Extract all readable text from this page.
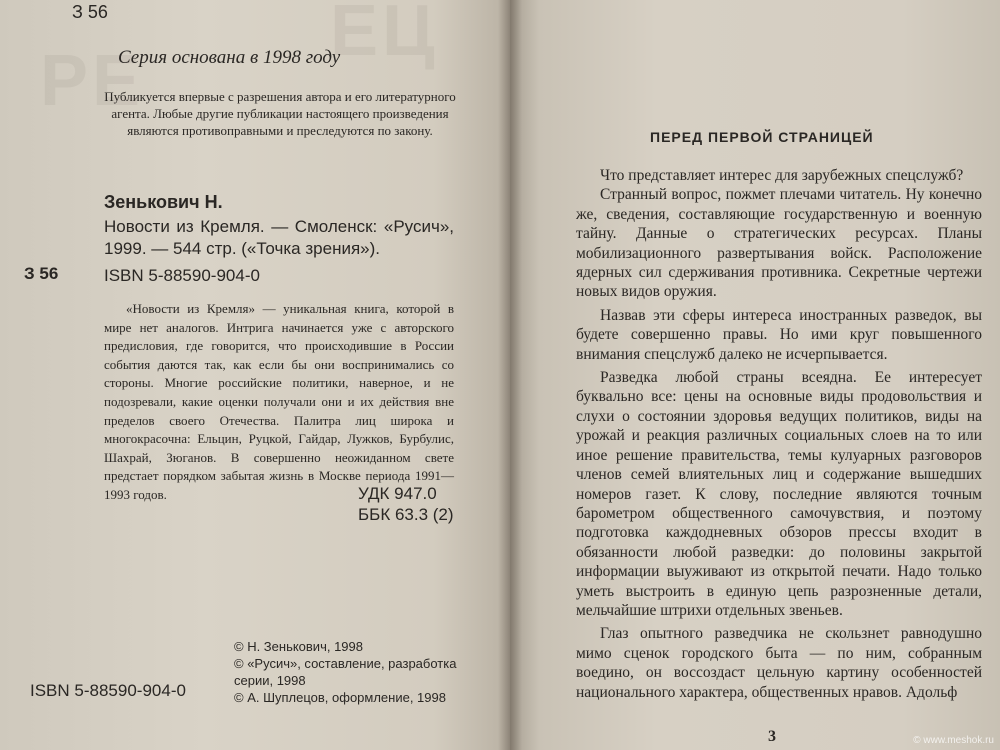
ЕЦ
РЕ
З 56
Серия основана в 1998 году
Публикуется впервые с разрешения автора и его литературного агента. Любые другие публикации настоящего произведения являются противоправными и преследуются по закону.
Зенькович Н.
Новости из Кремля. — Смоленск: «Русич», 1999. — 544 стр. («Точка зрения»).
ISBN 5-88590-904-0
З 56
«Новости из Кремля» — уникальная книга, которой в мире нет аналогов. Интрига начинается уже с авторского предисловия, где говорится, что происходившие в России события даются так, как если бы они воспринимались со стороны. Многие российские политики, наверное, и не подозревали, какие оценки получали они и их действия вне пределов своего Отечества. Палитра лиц широка и многокрасочна: Ельцин, Руцкой, Гайдар, Лужков, Бурбулис, Шахрай, Зюганов. В совершенно неожиданном свете предстает порядком забытая жизнь в Москве периода 1991—1993 годов.	УДК 947.0
ББК 63.3 (2)
© Н. Зенькович, 1998
© «Русич», составление, разработка серии, 1998
© А. Шуплецов, оформление, 1998
ISBN 5-88590-904-0
ПЕРЕД ПЕРВОЙ СТРАНИЦЕЙ

Что представляет интерес для зарубежных спецслужб?

Странный вопрос, пожмет плечами читатель. Ну конечно же, сведения, составляющие государственную и военную тайну. Данные о стратегических ресурсах. Планы мобилизационного развертывания войск. Расположение ядерных сил сдерживания противника. Секретные чертежи новых видов оружия.

Назвав эти сферы интереса иностранных разведок, вы будете совершенно правы. Но ими круг повышенного внимания спецслужб далеко не исчерпывается.

Разведка любой страны всеядна. Ее интересует буквально все: цены на основные виды продовольствия и слухи о состоянии здоровья ведущих политиков, виды на урожай и реакция различных социальных слоев на то или иное решение правительства, темы кулуарных разговоров членов семей влиятельных лиц и содержание вышедших номеров газет. К слову, последние являются точным барометром общественного самочувствия, и поэтому подготовка каждодневных обзоров прессы входит в обязанности любой разведки: до половины закрытой информации выуживают из открытой печати. Надо только уметь выстроить в единую цепь разрозненные детали, мельчайшие штрихи отдельных звеньев.

Глаз опытного разведчика не скользнет равнодушно мимо сценок городского быта — по ним, собранным воедино, он воссоздаст цельную картину особенностей национального характера, общественных нравов. Адольф

3	© www.meshok.ru
